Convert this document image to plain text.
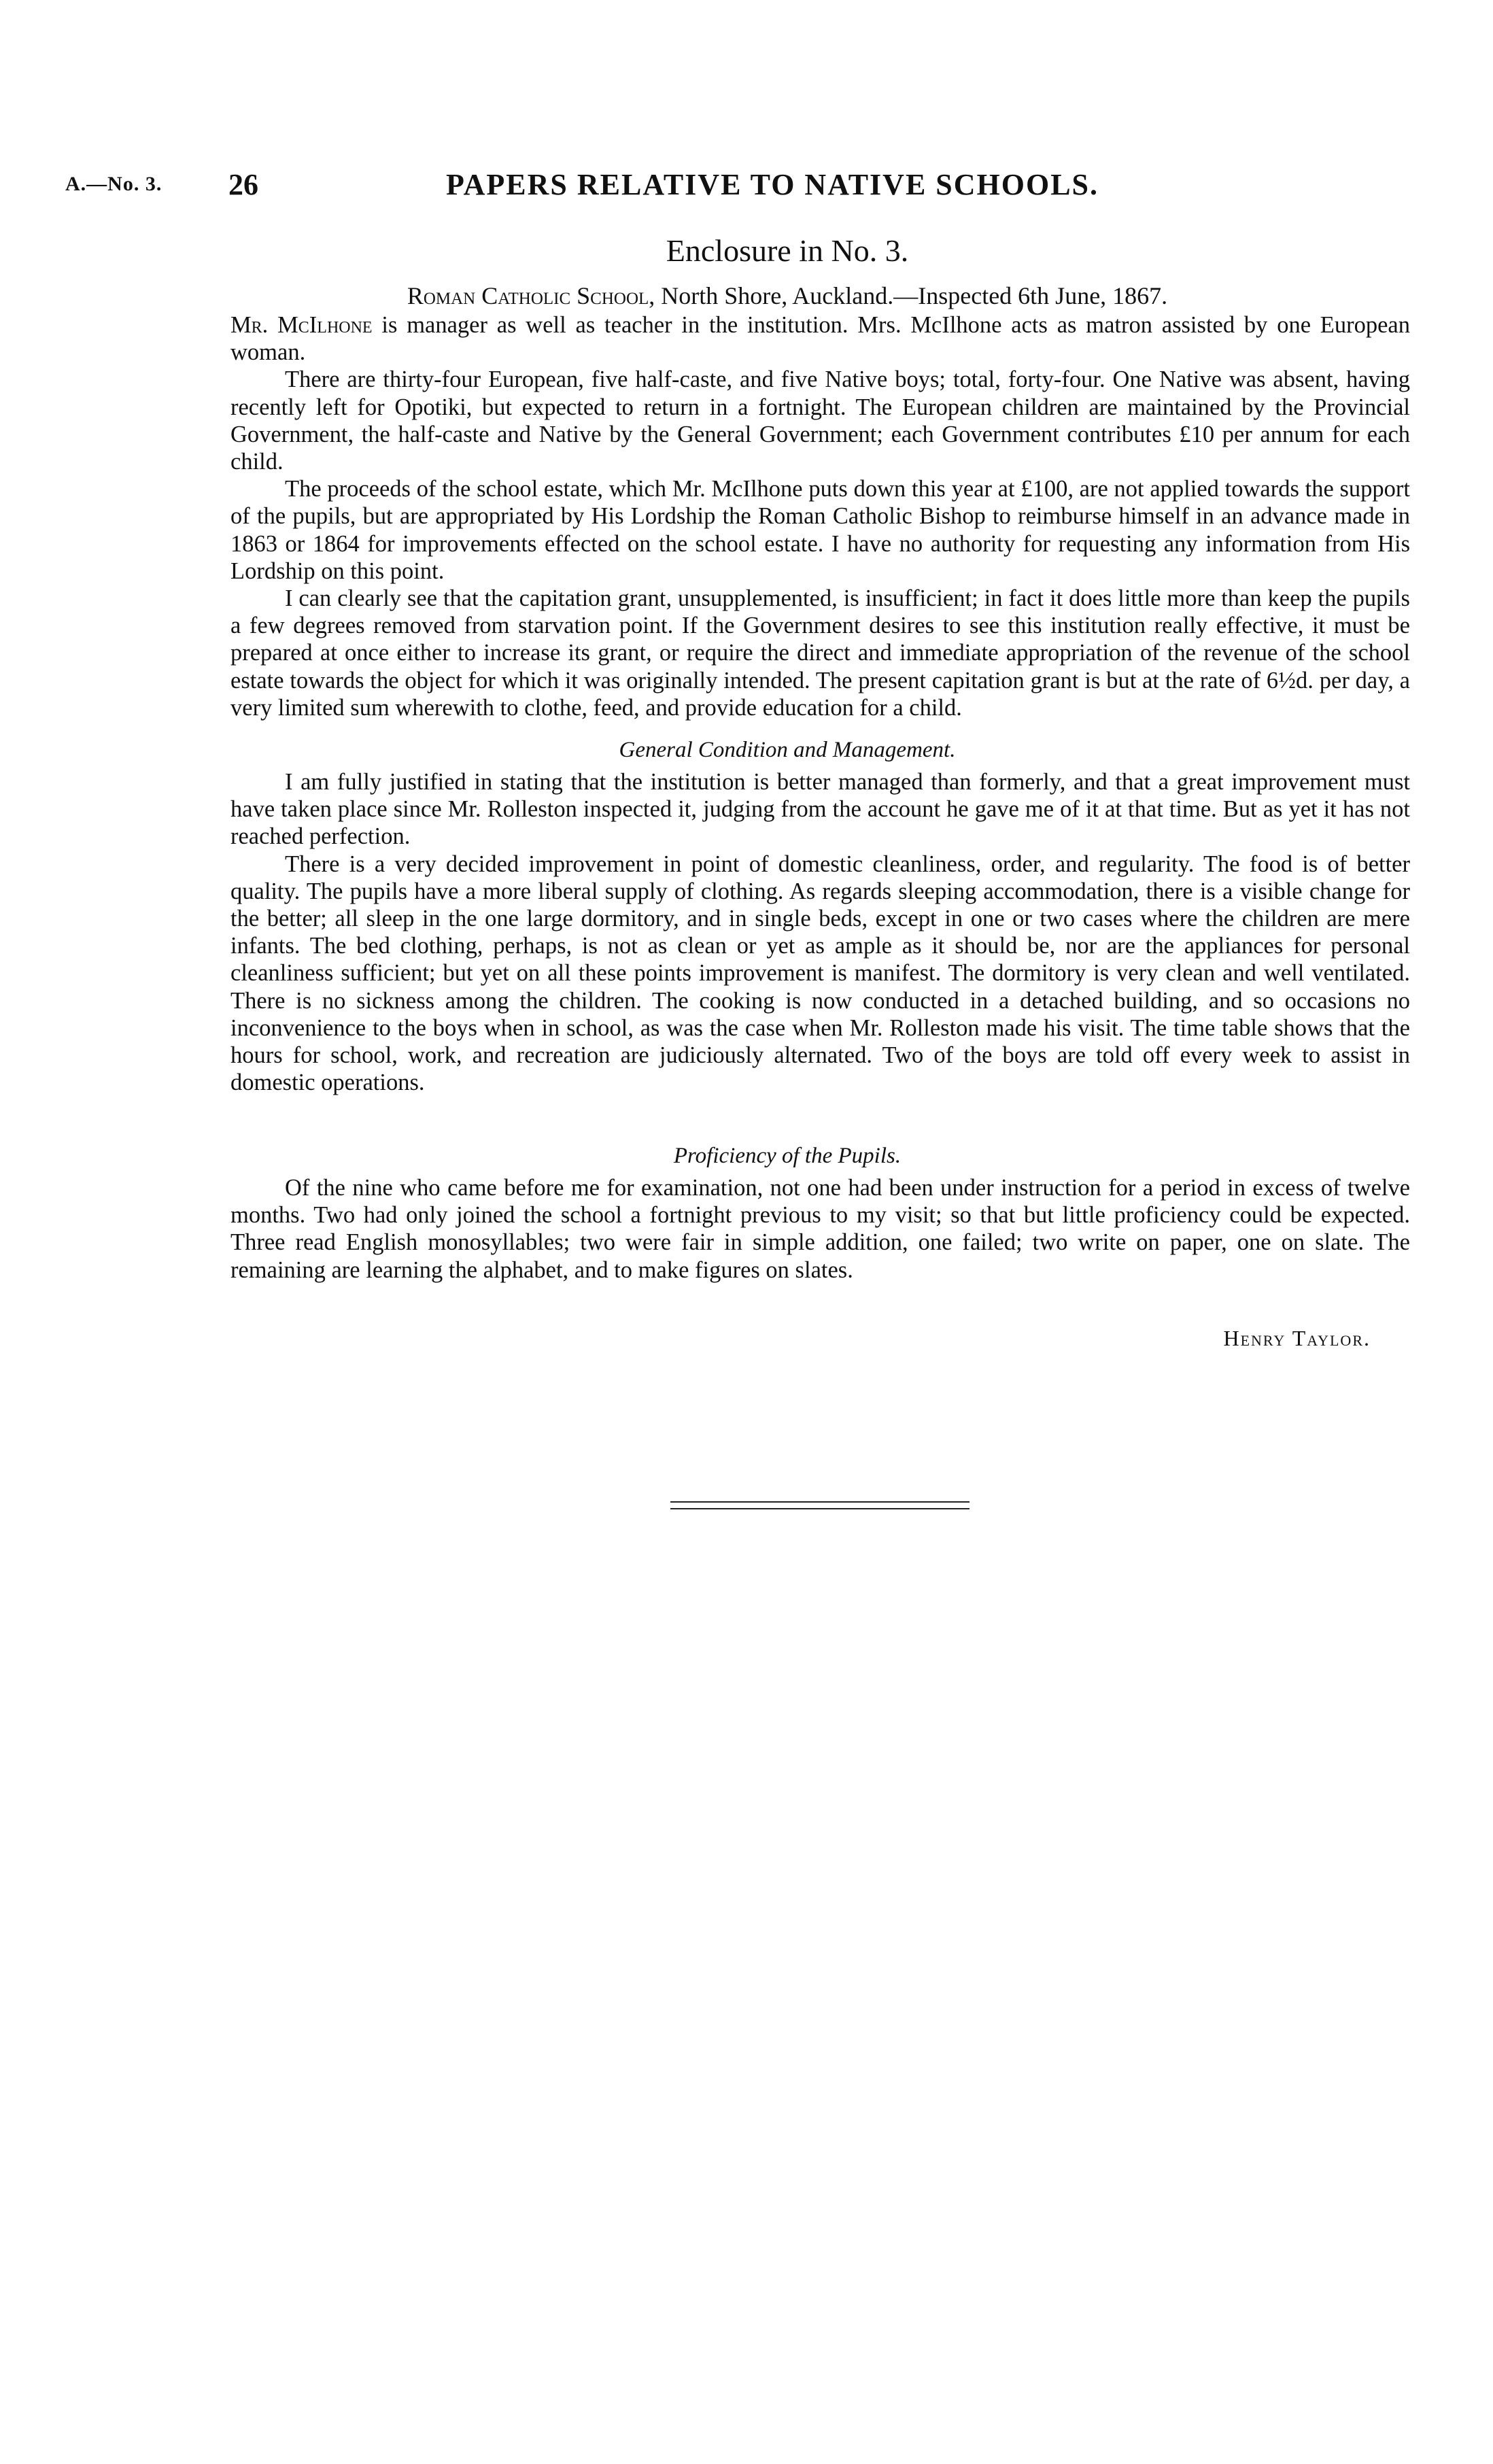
A.—No. 3. 26	PAPERS RELATIVE TO NATIVE SCHOOLS.
Enclosure in No. 3.
Roman Catholic School, North Shore, Auckland.—Inspected 6th June, 1867.

Mr. McIlhone is manager as well as teacher in the institution. Mrs. McIlhone acts as matron assisted by one European woman.

There are thirty-four European, five half-caste, and five Native boys; total, forty-four. One Native was absent, having recently left for Opotiki, but expected to return in a fortnight. The European children are maintained by the Provincial Government, the half-caste and Native by the General Government; each Government contributes £10 per annum for each child.

The proceeds of the school estate, which Mr. McIlhone puts down this year at £100, are not applied towards the support of the pupils, but are appropriated by His Lordship the Roman Catholic Bishop to reimburse himself in an advance made in 1863 or 1864 for improvements effected on the school estate. I have no authority for requesting any information from His Lordship on this point.

I can clearly see that the capitation grant, unsupplemented, is insufficient; in fact it does little more than keep the pupils a few degrees removed from starvation point. If the Government desires to see this institution really effective, it must be prepared at once either to increase its grant, or require the direct and immediate appropriation of the revenue of the school estate towards the object for which it was originally intended. The present capitation grant is but at the rate of 6½d. per day, a very limited sum wherewith to clothe, feed, and provide education for a child.

General Condition and Management.

I am fully justified in stating that the institution is better managed than formerly, and that a great improvement must have taken place since Mr. Rolleston inspected it, judging from the account he gave me of it at that time. But as yet it has not reached perfection.

There is a very decided improvement in point of domestic cleanliness, order, and regularity. The food is of better quality. The pupils have a more liberal supply of clothing. As regards sleeping accommodation, there is a visible change for the better; all sleep in the one large dormitory, and in single beds, except in one or two cases where the children are mere infants. The bed clothing, perhaps, is not as clean or yet as ample as it should be, nor are the appliances for personal cleanliness sufficient; but yet on all these points improvement is manifest. The dormitory is very clean and well ventilated. There is no sickness among the children. The cooking is now conducted in a detached building, and so occasions no inconvenience to the boys when in school, as was the case when Mr. Rolleston made his visit. The time table shows that the hours for school, work, and recreation are judiciously alternated. Two of the boys are told off every week to assist in domestic operations.

Proficiency of the Pupils.

Of the nine who came before me for examination, not one had been under instruction for a period in excess of twelve months. Two had only joined the school a fortnight previous to my visit; so that but little proficiency could be expected. Three read English monosyllables; two were fair in simple addition, one failed; two write on paper, one on slate. The remaining are learning the alphabet, and to make figures on slates.

Henry Taylor.
